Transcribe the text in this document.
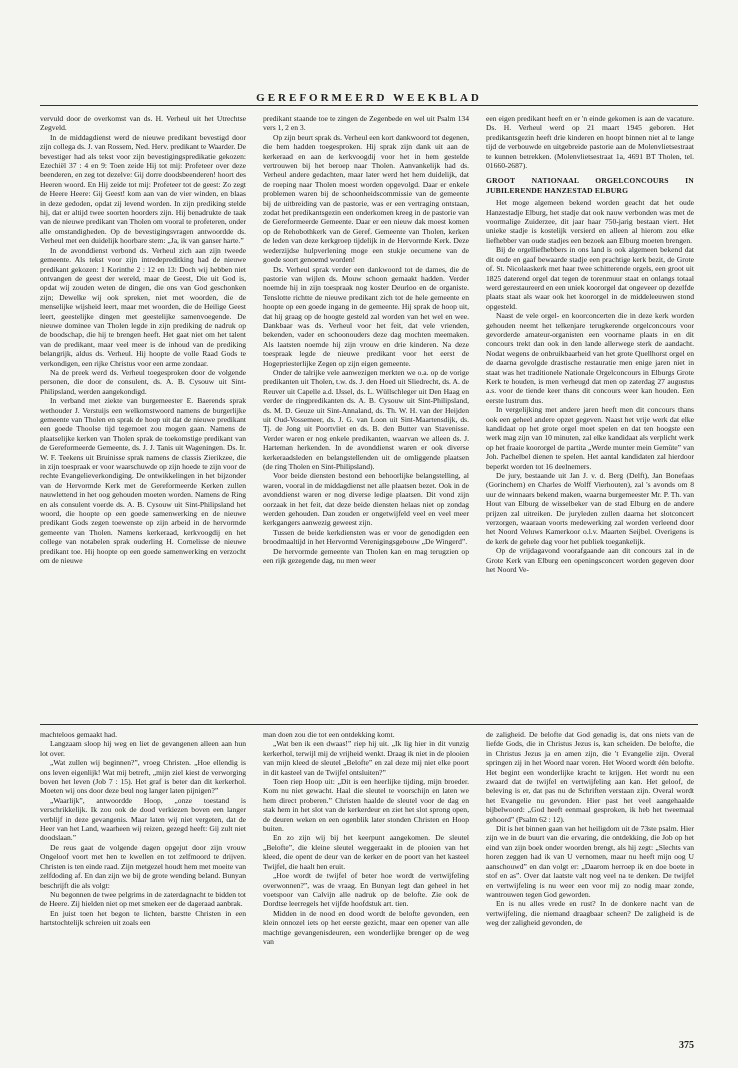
GEREFORMEERD WEEKBLAD

vervuld door de overkomst van ds. H. Verheul uit het Utrechtse Zegveld.

In de middagdienst werd de nieuwe predikant bevestigd door zijn collega ds. J. van Rossem, Ned. Herv. predikant te Waarder. De bevestiger had als tekst voor zijn bevestigingspredikatie gekozen: Ezechiël 37 : 4 en 9: Toen zeide Hij tot mij: Profeteer over deze beenderen, en zeg tot dezelve: Gij dorre doodsbeenderen! hoort des Heeren woord. En Hij zeide tot mij: Profeteer tot de geest: Zo zegt de Heere Heere: Gij Geest! kom aan van de vier winden, en blaas in deze gedoden, opdat zij levend worden. In zijn prediking stelde hij, dat er altijd twee soorten hoorders zijn. Hij benadrukte de taak van de nieuwe predikant van Tholen om vooral te profeteren, onder alle omstandigheden. Op de bevestigingsvragen antwoordde ds. Verheul met een duidelijk hoorbare stem: „Ja, ik van ganser harte.”

In de avonddienst verbond ds. Verheul zich aan zijn tweede gemeente. Als tekst voor zijn intredepreditking had de nieuwe predikant gekozen: 1 Korinthe 2 : 12 en 13: Doch wij hebben niet ontvangen de geest der wereld, maar de Geest, Die uit God is, opdat wij zouden weten de dingen, die ons van God geschonken zijn; Dewelke wij ook spreken, niet met woorden, die de menselijke wijsheid leert, maar met woorden, die de Heilige Geest leert, geestelijke dingen met geestelijke samenvoegende. De nieuwe dominee van Tholen legde in zijn prediking de nadruk op de boodschap, die hij te brengen heeft. Het gaat niet om het talent van de predikant, maar veel meer is de inhoud van de prediking belangrijk, aldus ds. Verheul. Hij hoopte de volle Raad Gods te verkondigen, een rijke Christus voor een arme zondaar.

Na de preek werd ds. Verheul toegesproken door de volgende personen, die door de consulent, ds. A. B. Cysouw uit Sint-Philipsland, werden aangekondigd.

In verband met ziekte van burgemeester E. Baerends sprak wethouder J. Verstuijs een welkomstwoord namens de burgerlijke gemeente van Tholen en sprak de hoop uit dat de nieuwe predikant een goede Thoolse tijd tegemoet zou mogen gaan. Namens de plaatselijke kerken van Tholen sprak de toekomstige predikant van de Gereformeerde Gemeente, ds. J. J. Tanis uit Wageningen. Ds. Ir. W. F. Teekens uit Bruinisse sprak namens de classis Zierikzee, die in zijn toespraak er voor waarschuwde op zijn hoede te zijn voor de rechte Evangelieverkondiging. De ontwikkelingen in het bijzonder van de Hervormde Kerk met de Gereformeerde Kerken zullen nauwlettend in het oog gehouden moeten worden. Namens de Ring en als consulent voerde ds. A. B. Cysouw uit Sint-Philipsland het woord, die hoopte op een goede samenwerking en de nieuwe predikant Gods zegen toewenste op zijn arbeid in de hervormde gemeente van Tholen. Namens kerkeraad, kerkvoogdij en het college van notabelen sprak ouderling H. Cornelisse de nieuwe predikant toe. Hij hoopte op een goede samenwerking en verzocht om de nieuwe

predikant staande toe te zingen de Zegenbede en wel uit Psalm 134 vers 1, 2 en 3.

Op zijn beurt sprak ds. Verheul een kort dankwoord tot degenen, die hem hadden toegesproken. Hij sprak zijn dank uit aan de kerkeraad en aan de kerkvoogdij voor het in hem gestelde vertrouwen bij het beroep naar Tholen. Aanvankelijk had ds. Verheul andere gedachten, maar later werd het hem duidelijk, dat de roeping naar Tholen moest worden opgevolgd. Daar er enkele problemen waren bij de schoonheidscommissie van de gemeente bij de uitbreiding van de pastorie, was er een vertraging ontstaan, zodat het predikantsgezin een onderkomen kreeg in de pastorie van de Gereformeerde Gemeente. Daar er een nieuw dak moest komen op de Rehobothkerk van de Geref. Gemeente van Tholen, kerken de leden van deze kerkgroep tijdelijk in de Hervormde Kerk. Deze wederzijdse hulpverlening moge een stukje oecumene van de goede soort genoemd worden!

Ds. Verheul sprak verder een dankwoord tot de dames, die de pastorie van wijlen ds. Mouw schoon gemaakt hadden. Verder noemde hij in zijn toespraak nog koster Deurloo en de organiste. Tenslotte richtte de nieuwe predikant zich tot de hele gemeente en hoopte op een goede ingang in de gemeente. Hij sprak de hoop uit, dat hij graag op de hoogte gesteld zal worden van het wel en wee. Dankbaar was ds. Verheul voor het feit, dat vele vrienden, bekenden, vader en schoonouders deze dag mochten meemaken. Als laatsten noemde hij zijn vrouw en drie kinderen. Na deze toespraak legde de nieuwe predikant voor het eerst de Hogepriesterlijke Zegen op zijn eigen gemeente.

Onder de talrijke vele aanwezigen merkten we o.a. op de vorige predikanten uit Tholen, t.w. ds. J. den Hoed uit Sliedrecht, ds. A. de Reuver uit Capelle a.d. IJssel, ds. L. Wüllschleger uit Den Haag en verder de ringpredikanten ds. A. B. Cysouw uit Sint-Philipsland, ds. M. D. Geuze uit Sint-Annaland, ds. Th. W. H. van der Heijden uit Oud-Vossemeer, ds. J. G. van Loon uit Sint-Maartensdijk, ds. Tj. de Jong uit Poortvliet en ds. B. den Butter van Stavenisse. Verder waren er nog enkele predikanten, waarvan we alleen ds. J. Harteman herkenden. In de avonddienst waren er ook diverse kerkeraadsleden en belangstellenden uit de omliggende plaatsen (de ring Tholen en Sint-Philipsland).

Voor beide diensten bestond een behoorlijke belangstelling, al waren, vooral in de middagdienst net alle plaatsen bezet. Ook in de avonddienst waren er nog diverse ledige plaatsen. Dit vond zijn oorzaak in het feit, dat deze beide diensten helaas niet op zondag werden gehouden. Dan zouden er ongetwijfeld veel en veel meer kerkgangers aanwezig geweest zijn.

Tussen de beide kerkdiensten was er voor de genodigden een broodmaaltijd in het Hervormd Verenigingsgebouw „De Wingerd”.

De hervormde gemeente van Tholen kan en mag terugzien op een rijk gezegende dag, nu men weer

een eigen predikant heeft en er 'n einde gekomen is aan de vacature. Ds. H. Verheul werd op 21 maart 1945 geboren. Het predikantsgezin heeft drie kinderen en hoopt binnen niet al te lange tijd de verbouwde en uitgebreide pastorie aan de Molenvlietsestraat te kunnen betrekken. (Molenvlietsestraat 1a, 4691 BT Tholen, tel. 01660-2687).

GROOT NATIONAAL ORGELCONCOURS IN JUBILERENDE HANZESTAD ELBURG

Het moge algemeen bekend worden geacht dat het oude Hanzestadje Elburg, het stadje dat ook nauw verbonden was met de voormalige Zuiderzee, dit jaar haar 750-jarig bestaan viert. Het unieke stadje is kostelijk versierd en alleen al hierom zou elke liefhebber van oude stadjes een bezoek aan Elburg moeten brengen.

Bij de orgelliefhebbers in ons land is ook algemeen bekend dat dit oude en gaaf bewaarde stadje een prachtige kerk bezit, de Grote of. St. Nicolaaskerk met haar twee schitterende orgels, een groot uit 1825 daterend orgel dat tegen de torenmuur staat en onlangs totaal werd gerestaureerd en een uniek koororgel dat ongeveer op dezelfde plaats staat als waar ook het koororgel in de middeleeuwen stond opgesteld.

Naast de vele orgel- en koorconcerten die in deze kerk worden gehouden neemt het telkenjare terugkerende orgelconcours voor gevorderde amateur-organisten een voorname plaats in en dit concours trekt dan ook in den lande allerwege sterk de aandacht. Nodat wegens de onbruikbaarheid van het grote Quellhorst orgel en de daarna gevolgde drastische restauratie men enige jaren niet in staat was het traditionele Nationale Orgelconcours in Elburgs Grote Kerk te houden, is men verheugd dat men op zaterdag 27 augustus a.s. voor de tiende keer thans dit concours weer kan houden. Een eerste lustrum dus.

In vergelijking met andere jaren heeft men dit concours thans ook een geheel andere opzet gegeven. Naast het vrije werk dat elke kandidaat op het grote orgel moet spelen en dat ten hoogste een werk mag zijn van 10 minuten, zal elke kandidaat als verplicht werk op het fraaie koororgel de partita „Werde munter mein Gemüte” van Joh. Pachelbel dienen te spelen. Het aantal kandidaten zal hierdoor beperkt worden tot 16 deelnemers.

De jury, bestaande uit Jan J. v. d. Berg (Delft), Jan Bonefaas (Gorinchem) en Charles de Wolff Vierhouten), zal 's avonds om 8 uur de winnaars bekend maken, waarna burgemeester Mr. P. Th. van Hout van Elburg de wisselbeker van de stad Elburg en de andere prijzen zal uitreiken. De juryleden zullen daarna het slotconcert verzorgen, waaraan voorts medewerking zal worden verleend door het Noord Veluws Kamerkoor o.l.v. Maarten Seijbel. Overigens is de kerk de gehele dag voor het publiek toegankelijk.

Op de vrijdagavond voorafgaande aan dit concours zal in de Grote Kerk van Elburg een openingsconcert worden gegeven door het Noord Ve-

machteloos gemaakt had.

Langzaam sloop hij weg en liet de gevangenen alleen aan hun lot over.

„Wat zullen wij beginnen?”, vroeg Christen. „Hoe ellendig is ons leven eigenlijk! Wat mij betreft, „mijn ziel kiest de verworging boven het leven (Job 7 : 15). Het graf is beter dan dit kerkerhol. Moeten wij ons door deze beul nog langer laten pijnigen?”

„Waarlijk”, antwoordde Hoop, „onze toestand is verschrikkelijk. Ik zou ook de dood verkiezen boven een langer verblijf in deze gevangenis. Maar laten wij niet vergeten, dat de Heer van het Land, waarheen wij reizen, gezegd heeft: Gij zult niet doodslaan.”

De reus gaat de volgende dagen opgejut door zijn vrouw Ongeloof voort met hen te kwellen en tot zelfmoord te drijven. Christen is ten einde raad. Zijn metgezel houdt hem met moeite van zelfdoding af. En dan zijn we bij de grote wending beland. Bunyan beschrijft die als volgt:

Nu begonnen de twee pelgrims in de zaterdagnacht te bidden tot de Heere. Zij hielden niet op met smeken eer de dageraad aanbrak.

En juist toen het begon te lichten, barstte Christen in een hartstochtelijk schreien uit zoals een

man doen zou die tot een ontdekking komt.

„Wat ben ik een dwaas!” riep hij uit. „Ik lig hier in dit vunzig kerkerhol, terwijl mij de vrijheid wenkt. Draag ik niet in de plooien van mijn kleed de sleutel „Belofte” en zal deze mij niet elke poort in dit kasteel van de Twijfel ontsluiten?”

Toen riep Hoop uit: „Dit is een heerlijke tijding, mijn broeder. Kom nu niet gewacht. Haal die sleutel te voorschijn en laten we hem direct proberen.” Christen haalde de sleutel voor de dag en stak hem in het slot van de kerkerdeur en ziet het slot sprong open, de deuren weken en een ogenblik later stonden Christen en Hoop buiten.

En zo zijn wij bij het keerpunt aangekomen. De sleutel „Belofte”, die kleine sleutel weggeraakt in de plooien van het kleed, die opent de deur van de kerker en de poort van het kasteel Twijfel, die haalt hen eruit.

„Hoe wordt de twijfel of beter hoe wordt de vertwijfeling overwonnen?”, was de vraag. En Bunyan legt dan geheel in het voetspoor van Calvijn alle nadruk op de belofte. Zie ook de Dordtse leerregels het vijfde hoofdstuk art. tien.

Midden in de nood en dood wordt de belofte gevonden, een klein onnozel iets op het eerste gezicht, maar een opener van alle machtige gevangenisdeuren, een wonderlijke brenger op de weg van

de zaligheid. De belofte dat God genadig is, dat ons niets van de liefde Gods, die in Christus Jezus is, kan scheiden. De belofte, die in Christus Jezus ja en amen zijn, die 't Evangelie zijn. Overal springen zij in het Woord naar voren. Het Woord wordt één belofte. Het begint een wonderlijke kracht te krijgen. Het wordt nu een zwaard dat de twijfel en vertwijfeling aan kan. Het geloof, de beleving is er, dat pas nu de Schriften verstaan zijn. Overal wordt het Evangelie nu gevonden. Hier past het veel aangehaalde bijbelwoord: „God heeft eenmaal gesproken, ik heb het tweemaal gehoord” (Psalm 62 : 12).

Dit is het binnen gaan van het heiligdom uit de 73ste psalm. Hier zijn we in de buurt van die ervaring, die ontdekking, die Job op het eind van zijn boek onder woorden brengt, als hij zegt: „Slechts van horen zeggen had ik van U vernomen, maar nu heeft mijn oog U aanschouwd” en dan volgt er: „Daarom herroep ik en doe boete in stof en as”. Over dat laatste valt nog veel na te denken. De twijfel en vertwijfeling is nu weer een voor mij zo nodig maar zonde, wantrouwen tegen God geworden.

En is nu alles vrede en rust? In de donkere nacht van de vertwijfeling, die niemand draagbaar scheen? De zaligheid is de weg der zaligheid gevonden, de

375
